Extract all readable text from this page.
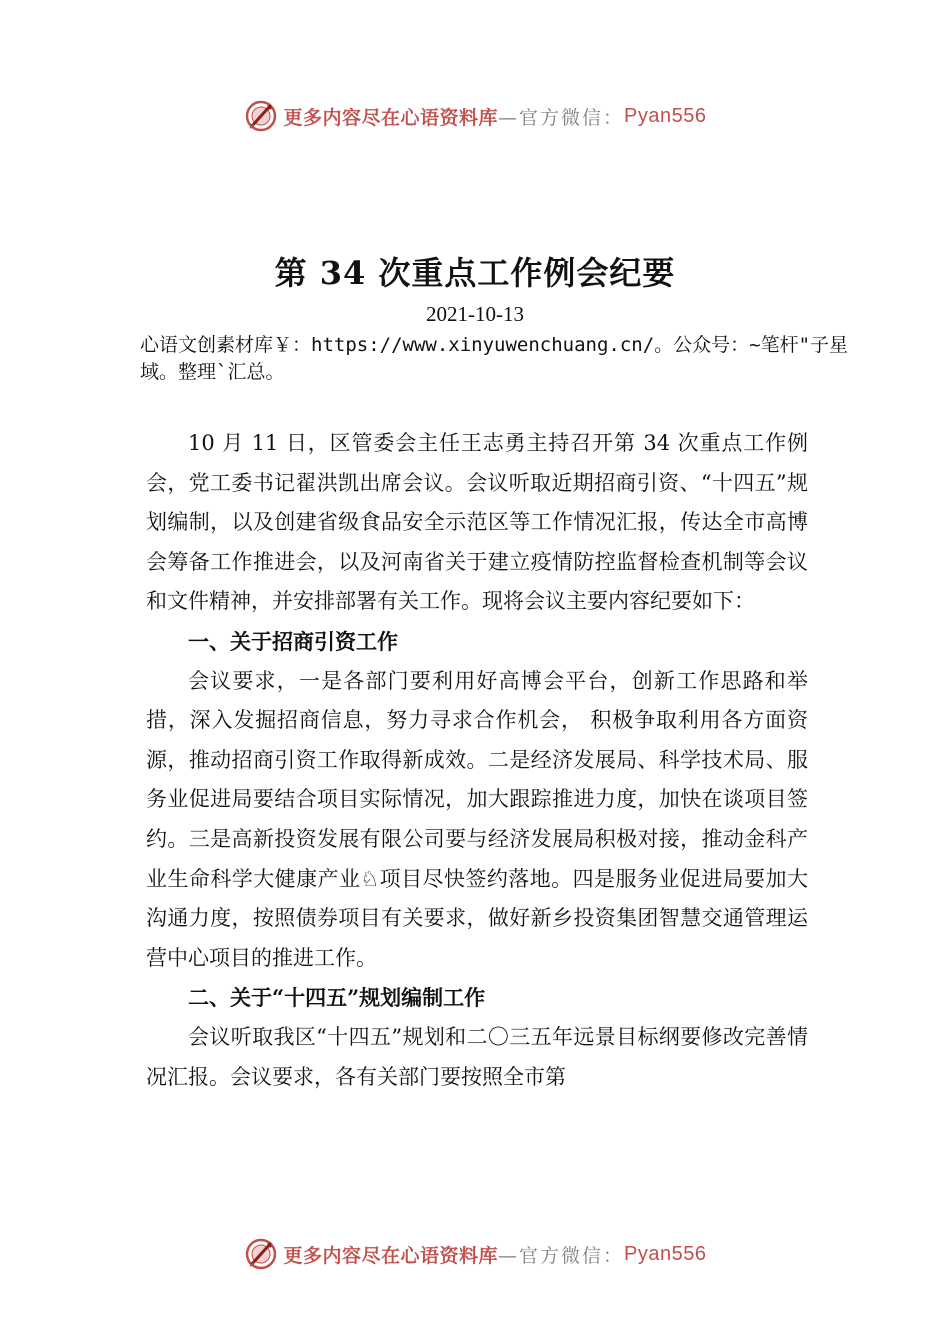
更多内容尽在心语资料库 —官方微信： Pyan556
第 34 次重点工作例会纪要
2021-10-13
心语文创素材库￥：https://www.xinyuwenchuang.cn/。公众号：~笔杆"子星域。整理`汇总。

10 月 11 日，区管委会主任王志勇主持召开第 34 次重点工作例会，党工委书记翟洪凯出席会议。会议听取近期招商引资、“十四五”规划编制，以及创建省级食品安全示范区等工作情况汇报，传达全市高博会筹备工作推进会，以及河南省关于建立疫情防控监督检查机制等会议和文件精神，并安排部署有关工作。现将会议主要内容纪要如下：

一、关于招商引资工作

会议要求，一是各部门要利用好高博会平台，创新工作思路和举措，深入发掘招商信息，努力寻求合作机会， 积极争取利用各方面资源，推动招商引资工作取得新成效。二是经济发展局、科学技术局、服务业促进局要结合项目实际情况，加大跟踪推进力度，加快在谈项目签约。三是高新投资发展有限公司要与经济发展局积极对接，推动金科产业生命科学大健康产业♘项目尽快签约落地。四是服务业促进局要加大沟通力度，按照债券项目有关要求，做好新乡投资集团智慧交通管理运营中心项目的推进工作。

二、关于“十四五”规划编制工作

会议听取我区“十四五”规划和二〇三五年远景目标纲要修改完善情况汇报。会议要求，各有关部门要按照全市第

更多内容尽在心语资料库 —官方微信： Pyan556
